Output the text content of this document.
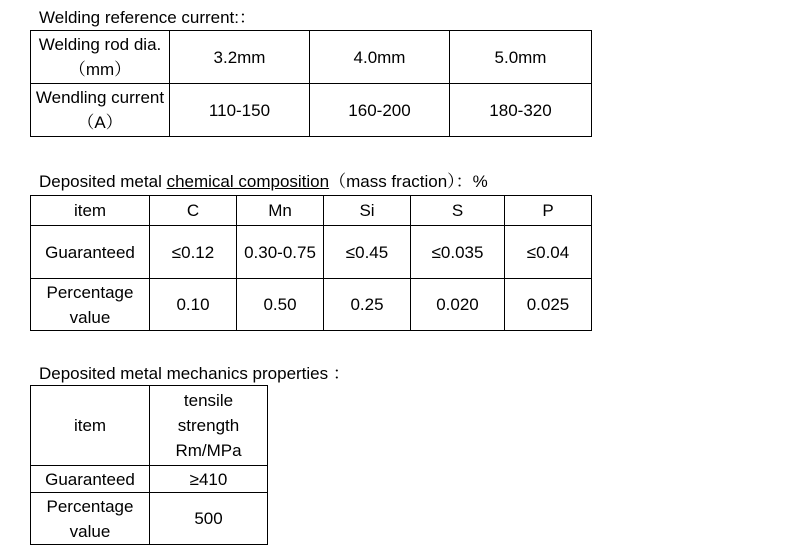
Welding reference current:：
Welding rod dia.（mm）	3.2mm	4.0mm	5.0mm
Wendling current（A）	110-150	160-200	180-320
Deposited metal chemical composition（mass fraction）：%
item	C	Mn	Si	S	P
Guaranteed	≤0.12	0.30-0.75	≤0.45	≤0.035	≤0.04
Percentage value	0.10	0.50	0.25	0.020	0.025
Deposited metal mechanics properties ：
item	tensile strength Rm/MPa
Guaranteed	≥410
Percentage value	500
